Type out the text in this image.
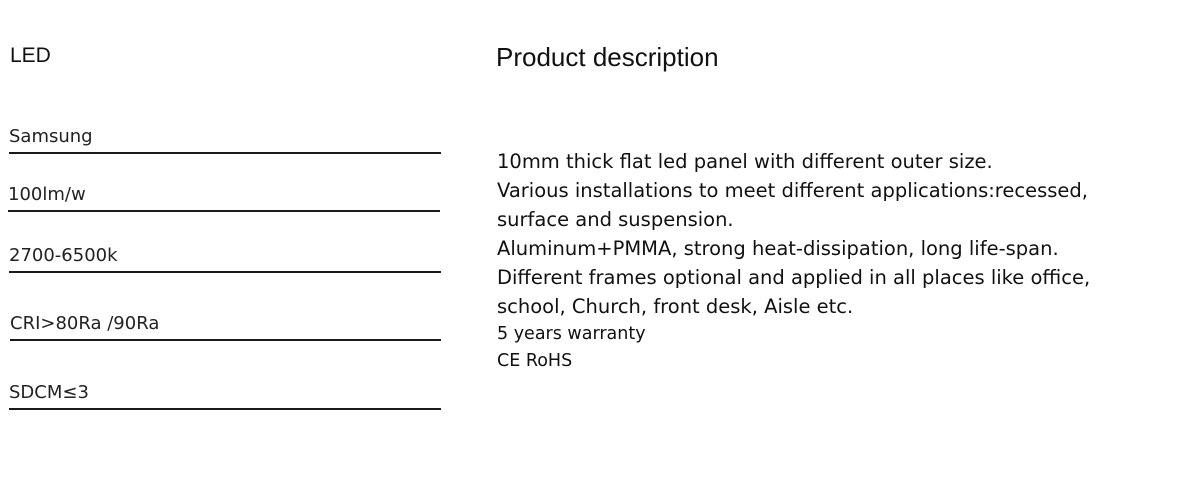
LED
Samsung
100lm/w
2700-6500k
CRI>80Ra /90Ra
SDCM≤3
Product description
10mm thick flat led panel with different outer size.
Various installations to meet different applications:recessed,
surface and suspension.
Aluminum+PMMA, strong heat-dissipation, long life-span.
Different frames optional and applied in all places like office,
school, Church, front desk, Aisle etc.
5 years warranty
CE RoHS
